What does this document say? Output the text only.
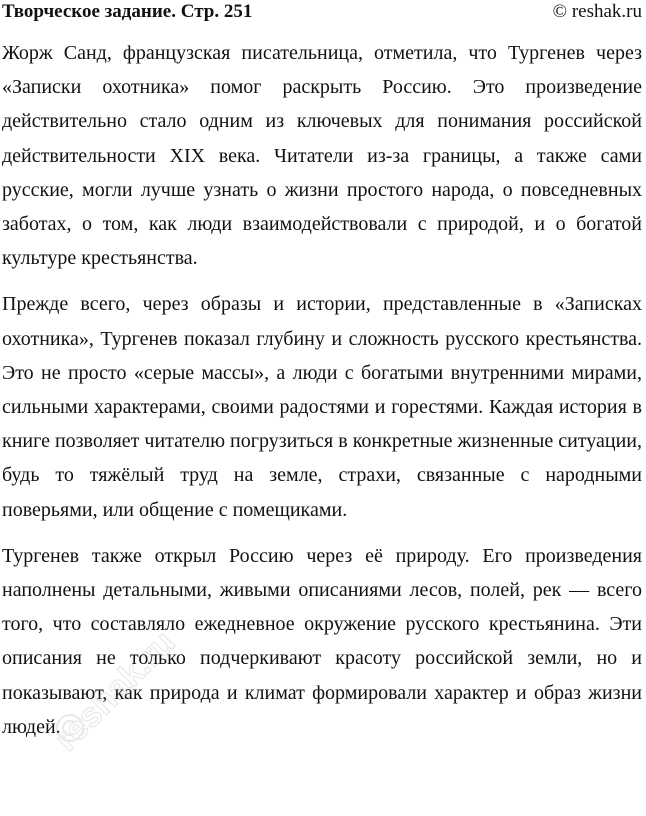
Творческое задание. Стр. 251	© reshak.ru

Жорж Санд, французская писательница, отметила, что Тургенев через «Записки охотника» помог раскрыть Россию. Это произведение действительно стало одним из ключевых для понимания российской действительности XIX века. Читатели из-за границы, а также сами русские, могли лучше узнать о жизни простого народа, о повседневных заботах, о том, как люди взаимодействовали с природой, и о богатой культуре крестьянства.

Прежде всего, через образы и истории, представленные в «Записках охотника», Тургенев показал глубину и сложность русского крестьянства. Это не просто «серые массы», а люди с богатыми внутренними мирами, сильными характерами, своими радостями и горестями. Каждая история в книге позволяет читателю погрузиться в конкретные жизненные ситуации, будь то тяжёлый труд на земле, страхи, связанные с народными поверьями, или общение с помещиками.

Тургенев также открыл Россию через её природу. Его произведения наполнены детальными, живыми описаниями лесов, полей, рек — всего того, что составляло ежедневное окружение русского крестьянина. Эти описания не только подчеркивают красоту российской земли, но и показывают, как природа и климат формировали характер и образ жизни людей.

reshak.ru
